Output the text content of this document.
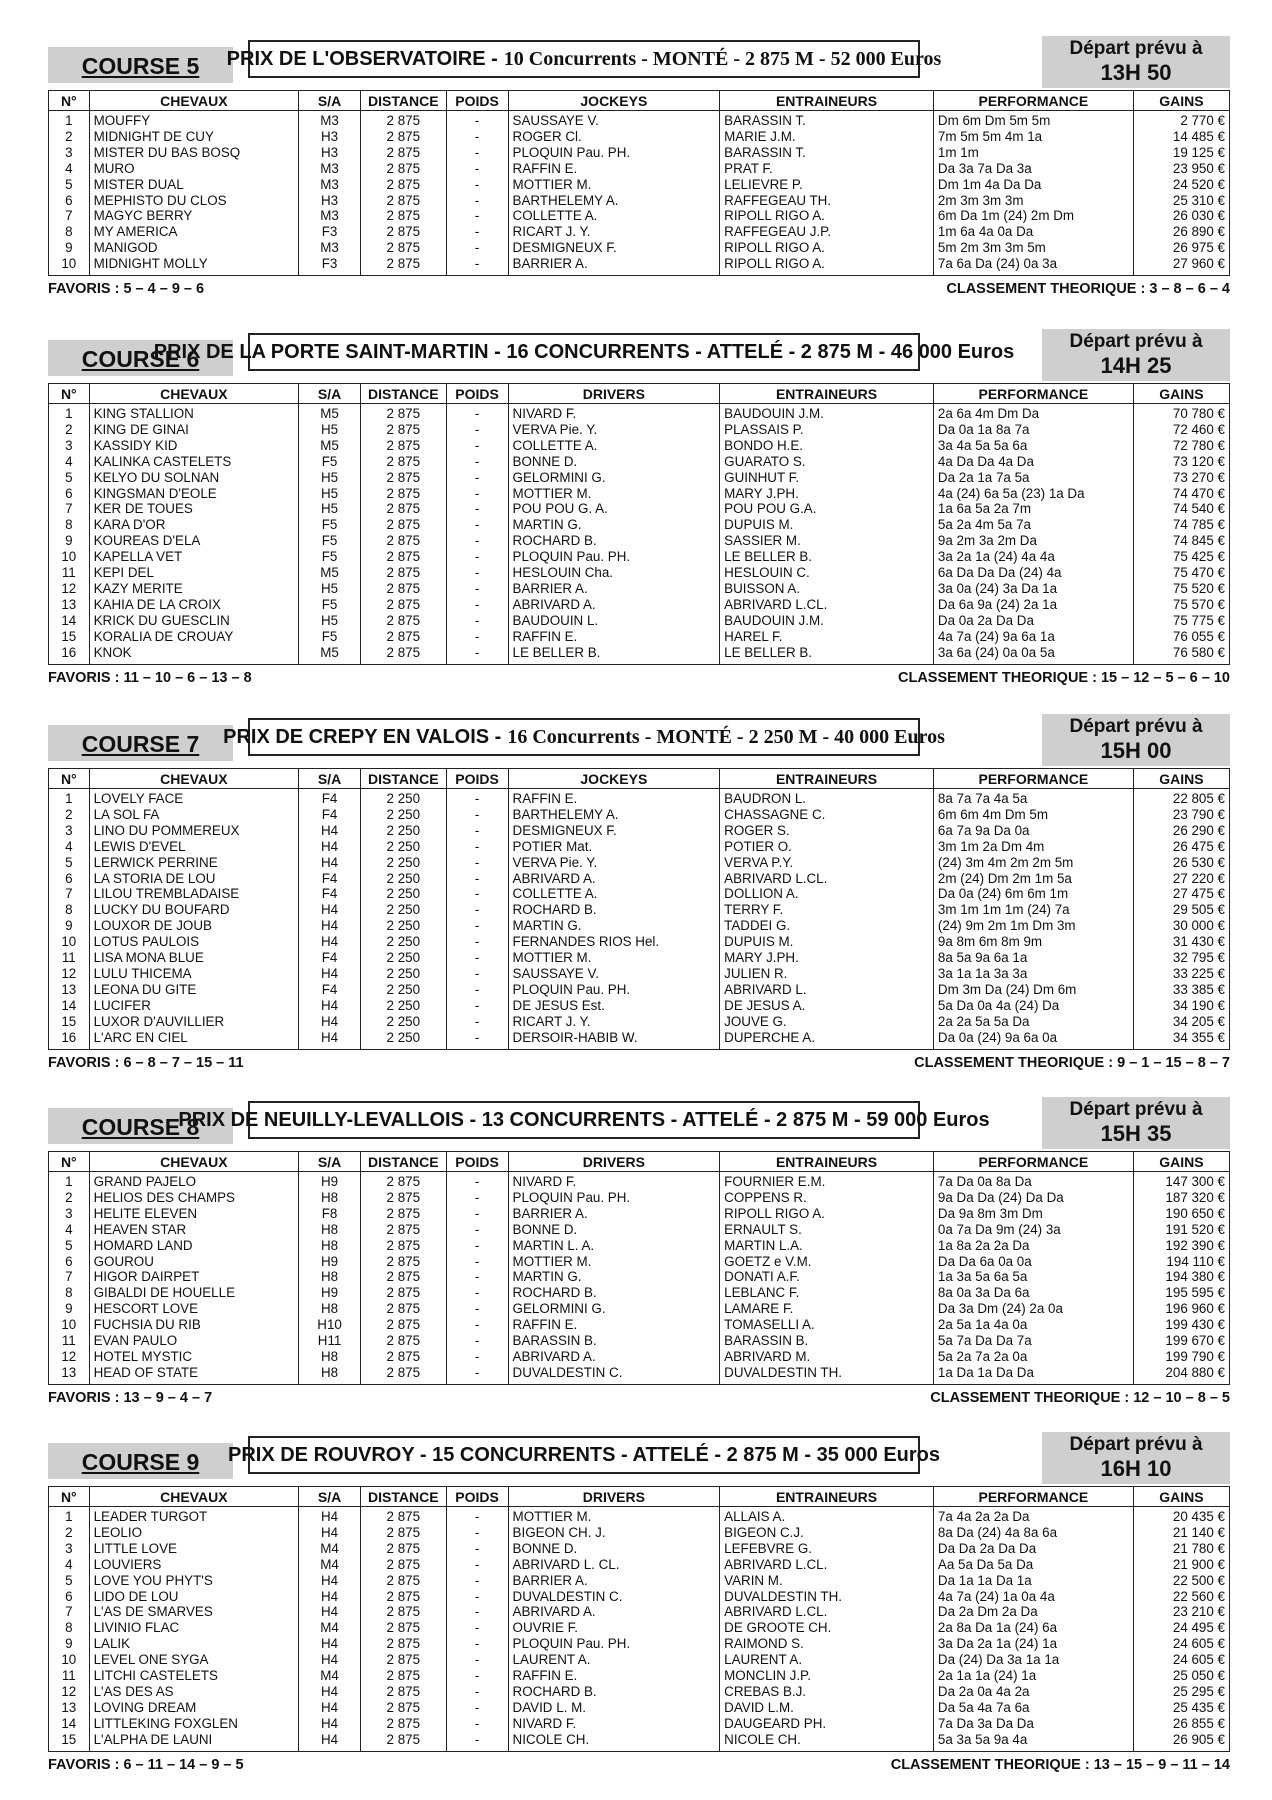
COURSE 5	PRIX DE L'OBSERVATOIRE - 10 Concurrents - MONTÉ - 2 875 M - 52 000 Euros	Départ prévu à
13H 50
N°	CHEVAUX	S/A	DISTANCE	POIDS	JOCKEYS	ENTRAINEURS	PERFORMANCE	GAINS
1	MOUFFY	M3	2 875	-	SAUSSAYE V.	BARASSIN T.	Dm 6m Dm 5m 5m	2 770 €
2	MIDNIGHT DE CUY	H3	2 875	-	ROGER Cl.	MARIE J.M.	7m 5m 5m 4m 1a	14 485 €
3	MISTER DU BAS BOSQ	H3	2 875	-	PLOQUIN Pau. PH.	BARASSIN T.	1m 1m	19 125 €
4	MURO	M3	2 875	-	RAFFIN E.	PRAT F.	Da 3a 7a Da 3a	23 950 €
5	MISTER DUAL	M3	2 875	-	MOTTIER M.	LELIEVRE P.	Dm 1m 4a Da Da	24 520 €
6	MEPHISTO DU CLOS	H3	2 875	-	BARTHELEMY A.	RAFFEGEAU TH.	2m 3m 3m 3m	25 310 €
7	MAGYC BERRY	M3	2 875	-	COLLETTE A.	RIPOLL RIGO A.	6m Da 1m (24) 2m Dm	26 030 €
8	MY AMERICA	F3	2 875	-	RICART J. Y.	RAFFEGEAU J.P.	1m 6a 4a 0a Da	26 890 €
9	MANIGOD	M3	2 875	-	DESMIGNEUX F.	RIPOLL RIGO A.	5m 2m 3m 3m 5m	26 975 €
10	MIDNIGHT MOLLY	F3	2 875	-	BARRIER A.	RIPOLL RIGO A.	7a 6a Da (24) 0a 3a	27 960 €
FAVORIS : 5 – 4 – 9 – 6	CLASSEMENT THEORIQUE : 3 – 8 – 6 – 4
COURSE 6
PRIX DE LA PORTE SAINT-MARTIN - 16 CONCURRENTS - ATTELÉ - 2 875 M - 46 000 Euros	Départ prévu à
14H 25
N°	CHEVAUX	S/A	DISTANCE	POIDS	DRIVERS	ENTRAINEURS	PERFORMANCE	GAINS
1	KING STALLION	M5	2 875	-	NIVARD F.	BAUDOUIN J.M.	2a 6a 4m Dm Da	70 780 €
2	KING DE GINAI	H5	2 875	-	VERVA Pie. Y.	PLASSAIS P.	Da 0a 1a 8a 7a	72 460 €
3	KASSIDY KID	M5	2 875	-	COLLETTE A.	BONDO H.E.	3a 4a 5a 5a 6a	72 780 €
4	KALINKA CASTELETS	F5	2 875	-	BONNE D.	GUARATO S.	4a Da Da 4a Da	73 120 €
5	KELYO DU SOLNAN	H5	2 875	-	GELORMINI G.	GUINHUT F.	Da 2a 1a 7a 5a	73 270 €
6	KINGSMAN D'EOLE	H5	2 875	-	MOTTIER M.	MARY J.PH.	4a (24) 6a 5a (23) 1a Da	74 470 €
7	KER DE TOUES	H5	2 875	-	POU POU G. A.	POU POU G.A.	1a 6a 5a 2a 7m	74 540 €
8	KARA D'OR	F5	2 875	-	MARTIN G.	DUPUIS M.	5a 2a 4m 5a 7a	74 785 €
9	KOUREAS D'ELA	F5	2 875	-	ROCHARD B.	SASSIER M.	9a 2m 3a 2m Da	74 845 €
10	KAPELLA VET	F5	2 875	-	PLOQUIN Pau. PH.	LE BELLER B.	3a 2a 1a (24) 4a 4a	75 425 €
11	KEPI DEL	M5	2 875	-	HESLOUIN Cha.	HESLOUIN C.	6a Da Da Da (24) 4a	75 470 €
12	KAZY MERITE	H5	2 875	-	BARRIER A.	BUISSON A.	3a 0a (24) 3a Da 1a	75 520 €
13	KAHIA DE LA CROIX	F5	2 875	-	ABRIVARD A.	ABRIVARD L.CL.	Da 6a 9a (24) 2a 1a	75 570 €
14	KRICK DU GUESCLIN	H5	2 875	-	BAUDOUIN L.	BAUDOUIN J.M.	Da 0a 2a Da Da	75 775 €
15	KORALIA DE CROUAY	F5	2 875	-	RAFFIN E.	HAREL F.	4a 7a (24) 9a 6a 1a	76 055 €
16	KNOK	M5	2 875	-	LE BELLER B.	LE BELLER B.	3a 6a (24) 0a 0a 5a	76 580 €
FAVORIS : 11 – 10 – 6 – 13 – 8	CLASSEMENT THEORIQUE : 15 – 12 – 5 – 6 – 10
COURSE 7	PRIX DE CREPY EN VALOIS - 16 Concurrents - MONTÉ - 2 250 M - 40 000 Euros	Départ prévu à
15H 00
N°	CHEVAUX	S/A	DISTANCE	POIDS	JOCKEYS	ENTRAINEURS	PERFORMANCE	GAINS
1	LOVELY FACE	F4	2 250	-	RAFFIN E.	BAUDRON L.	8a 7a 7a 4a 5a	22 805 €
2	LA SOL FA	F4	2 250	-	BARTHELEMY A.	CHASSAGNE C.	6m 6m 4m Dm 5m	23 790 €
3	LINO DU POMMEREUX	H4	2 250	-	DESMIGNEUX F.	ROGER S.	6a 7a 9a Da 0a	26 290 €
4	LEWIS D'EVEL	H4	2 250	-	POTIER Mat.	POTIER O.	3m 1m 2a Dm 4m	26 475 €
5	LERWICK PERRINE	H4	2 250	-	VERVA Pie. Y.	VERVA P.Y.	(24) 3m 4m 2m 2m 5m	26 530 €
6	LA STORIA DE LOU	F4	2 250	-	ABRIVARD A.	ABRIVARD L.CL.	2m (24) Dm 2m 1m 5a	27 220 €
7	LILOU TREMBLADAISE	F4	2 250	-	COLLETTE A.	DOLLION A.	Da 0a (24) 6m 6m 1m	27 475 €
8	LUCKY DU BOUFARD	H4	2 250	-	ROCHARD B.	TERRY F.	3m 1m 1m 1m (24) 7a	29 505 €
9	LOUXOR DE JOUB	H4	2 250	-	MARTIN G.	TADDEI G.	(24) 9m 2m 1m Dm 3m	30 000 €
10	LOTUS PAULOIS	H4	2 250	-	FERNANDES RIOS Hel.	DUPUIS M.	9a 8m 6m 8m 9m	31 430 €
11	LISA MONA BLUE	F4	2 250	-	MOTTIER M.	MARY J.PH.	8a 5a 9a 6a 1a	32 795 €
12	LULU THICEMA	H4	2 250	-	SAUSSAYE V.	JULIEN R.	3a 1a 1a 3a 3a	33 225 €
13	LEONA DU GITE	F4	2 250	-	PLOQUIN Pau. PH.	ABRIVARD L.	Dm 3m Da (24) Dm 6m	33 385 €
14	LUCIFER	H4	2 250	-	DE JESUS Est.	DE JESUS A.	5a Da 0a 4a (24) Da	34 190 €
15	LUXOR D'AUVILLIER	H4	2 250	-	RICART J. Y.	JOUVE G.	2a 2a 5a 5a Da	34 205 €
16	L'ARC EN CIEL	H4	2 250	-	DERSOIR-HABIB W.	DUPERCHE A.	Da 0a (24) 9a 6a 0a	34 355 €
FAVORIS : 6 – 8 – 7 – 15 – 11	CLASSEMENT THEORIQUE : 9 – 1 – 15 – 8 – 7
COURSE 8
PRIX DE NEUILLY-LEVALLOIS - 13 CONCURRENTS - ATTELÉ - 2 875 M - 59 000 Euros	Départ prévu à
15H 35
N°	CHEVAUX	S/A	DISTANCE	POIDS	DRIVERS	ENTRAINEURS	PERFORMANCE	GAINS
1	GRAND PAJELO	H9	2 875	-	NIVARD F.	FOURNIER E.M.	7a Da 0a 8a Da	147 300 €
2	HELIOS DES CHAMPS	H8	2 875	-	PLOQUIN Pau. PH.	COPPENS R.	9a Da Da (24) Da Da	187 320 €
3	HELITE ELEVEN	F8	2 875	-	BARRIER A.	RIPOLL RIGO A.	Da 9a 8m 3m Dm	190 650 €
4	HEAVEN STAR	H8	2 875	-	BONNE D.	ERNAULT S.	0a 7a Da 9m (24) 3a	191 520 €
5	HOMARD LAND	H8	2 875	-	MARTIN L. A.	MARTIN L.A.	1a 8a 2a 2a Da	192 390 €
6	GOUROU	H9	2 875	-	MOTTIER M.	GOETZ e V.M.	Da Da 6a 0a 0a	194 110 €
7	HIGOR DAIRPET	H8	2 875	-	MARTIN G.	DONATI A.F.	1a 3a 5a 6a 5a	194 380 €
8	GIBALDI DE HOUELLE	H9	2 875	-	ROCHARD B.	LEBLANC F.	8a 0a 3a Da 6a	195 595 €
9	HESCORT LOVE	H8	2 875	-	GELORMINI G.	LAMARE F.	Da 3a Dm (24) 2a 0a	196 960 €
10	FUCHSIA DU RIB	H10	2 875	-	RAFFIN E.	TOMASELLI A.	2a 5a 1a 4a 0a	199 430 €
11	EVAN PAULO	H11	2 875	-	BARASSIN B.	BARASSIN B.	5a 7a Da Da 7a	199 670 €
12	HOTEL MYSTIC	H8	2 875	-	ABRIVARD A.	ABRIVARD M.	5a 2a 7a 2a 0a	199 790 €
13	HEAD OF STATE	H8	2 875	-	DUVALDESTIN C.	DUVALDESTIN TH.	1a Da 1a Da Da	204 880 €
FAVORIS : 13 – 9 – 4 – 7	CLASSEMENT THEORIQUE : 12 – 10 – 8 – 5
COURSE 9	PRIX DE ROUVROY - 15 CONCURRENTS - ATTELÉ - 2 875 M - 35 000 Euros	Départ prévu à
16H 10
N°	CHEVAUX	S/A	DISTANCE	POIDS	DRIVERS	ENTRAINEURS	PERFORMANCE	GAINS
1	LEADER TURGOT	H4	2 875	-	MOTTIER M.	ALLAIS A.	7a 4a 2a 2a Da	20 435 €
2	LEOLIO	H4	2 875	-	BIGEON CH. J.	BIGEON C.J.	8a Da (24) 4a 8a 6a	21 140 €
3	LITTLE LOVE	M4	2 875	-	BONNE D.	LEFEBVRE G.	Da Da 2a Da Da	21 780 €
4	LOUVIERS	M4	2 875	-	ABRIVARD L. CL.	ABRIVARD L.CL.	Aa 5a Da 5a Da	21 900 €
5	LOVE YOU PHYT'S	H4	2 875	-	BARRIER A.	VARIN M.	Da 1a 1a Da 1a	22 500 €
6	LIDO DE LOU	H4	2 875	-	DUVALDESTIN C.	DUVALDESTIN TH.	4a 7a (24) 1a 0a 4a	22 560 €
7	L'AS DE SMARVES	H4	2 875	-	ABRIVARD A.	ABRIVARD L.CL.	Da 2a Dm 2a Da	23 210 €
8	LIVINIO FLAC	M4	2 875	-	OUVRIE F.	DE GROOTE CH.	2a 8a Da 1a (24) 6a	24 495 €
9	LALIK	H4	2 875	-	PLOQUIN Pau. PH.	RAIMOND S.	3a Da 2a 1a (24) 1a	24 605 €
10	LEVEL ONE SYGA	H4	2 875	-	LAURENT A.	LAURENT A.	Da (24) Da 3a 1a 1a	24 605 €
11	LITCHI CASTELETS	M4	2 875	-	RAFFIN E.	MONCLIN J.P.	2a 1a 1a (24) 1a	25 050 €
12	L'AS DES AS	H4	2 875	-	ROCHARD B.	CREBAS B.J.	Da 2a 0a 4a 2a	25 295 €
13	LOVING DREAM	H4	2 875	-	DAVID L. M.	DAVID L.M.	Da 5a 4a 7a 6a	25 435 €
14	LITTLEKING FOXGLEN	H4	2 875	-	NIVARD F.	DAUGEARD PH.	7a Da 3a Da Da	26 855 €
15	L'ALPHA DE LAUNI	H4	2 875	-	NICOLE CH.	NICOLE CH.	5a 3a 5a 9a 4a	26 905 €
FAVORIS : 6 – 11 – 14 – 9 – 5	CLASSEMENT THEORIQUE : 13 – 15 – 9 – 11 – 14
